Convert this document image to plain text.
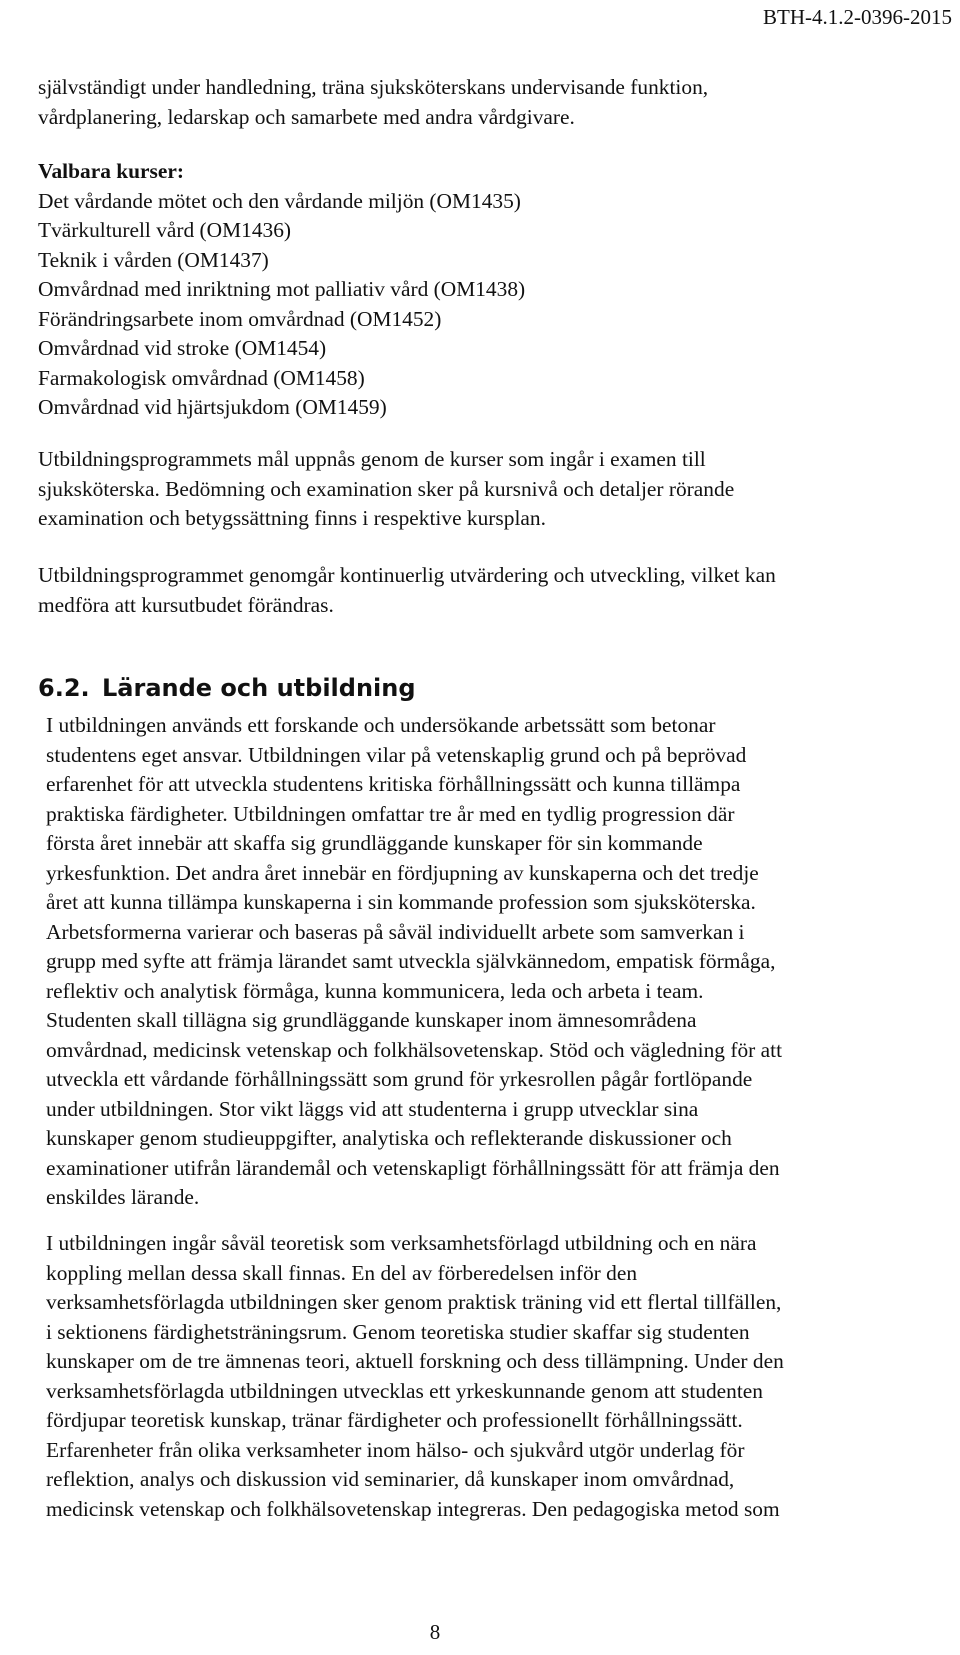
BTH-4.1.2-0396-2015
självständigt under handledning, träna sjuksköterskans undervisande funktion,
vårdplanering, ledarskap och samarbete med andra vårdgivare.
Valbara kurser:
Det vårdande mötet och den vårdande miljön (OM1435)
Tvärkulturell vård (OM1436)
Teknik i vården (OM1437)
Omvårdnad med inriktning mot palliativ vård (OM1438)
Förändringsarbete inom omvårdnad (OM1452)
Omvårdnad vid stroke (OM1454)
Farmakologisk omvårdnad (OM1458)
Omvårdnad vid hjärtsjukdom (OM1459)
Utbildningsprogrammets mål uppnås genom de kurser som ingår i examen till
sjuksköterska. Bedömning och examination sker på kursnivå och detaljer rörande
examination och betygssättning finns i respektive kursplan.
Utbildningsprogrammet genomgår kontinuerlig utvärdering och utveckling, vilket kan
medföra att kursutbudet förändras.
6.2. Lärande och utbildning
I utbildningen används ett forskande och undersökande arbetssätt som betonar
studentens eget ansvar. Utbildningen vilar på vetenskaplig grund och på beprövad
erfarenhet för att utveckla studentens kritiska förhållningssätt och kunna tillämpa
praktiska färdigheter. Utbildningen omfattar tre år med en tydlig progression där
första året innebär att skaffa sig grundläggande kunskaper för sin kommande
yrkesfunktion. Det andra året innebär en fördjupning av kunskaperna och det tredje
året att kunna tillämpa kunskaperna i sin kommande profession som sjuksköterska.
Arbetsformerna varierar och baseras på såväl individuellt arbete som samverkan i
grupp med syfte att främja lärandet samt utveckla självkännedom, empatisk förmåga,
reflektiv och analytisk förmåga, kunna kommunicera, leda och arbeta i team.
Studenten skall tillägna sig grundläggande kunskaper inom ämnesområdena
omvårdnad, medicinsk vetenskap och folkhälsovetenskap. Stöd och vägledning för att
utveckla ett vårdande förhållningssätt som grund för yrkesrollen pågår fortlöpande
under utbildningen. Stor vikt läggs vid att studenterna i grupp utvecklar sina
kunskaper genom studieuppgifter, analytiska och reflekterande diskussioner och
examinationer utifrån lärandemål och vetenskapligt förhållningssätt för att främja den
enskildes lärande.
I utbildningen ingår såväl teoretisk som verksamhetsförlagd utbildning och en nära
koppling mellan dessa skall finnas. En del av förberedelsen inför den
verksamhetsförlagda utbildningen sker genom praktisk träning vid ett flertal tillfällen,
i sektionens färdighetsträningsrum. Genom teoretiska studier skaffar sig studenten
kunskaper om de tre ämnenas teori, aktuell forskning och dess tillämpning. Under den
verksamhetsförlagda utbildningen utvecklas ett yrkeskunnande genom att studenten
fördjupar teoretisk kunskap, tränar färdigheter och professionellt förhållningssätt.
Erfarenheter från olika verksamheter inom hälso- och sjukvård utgör underlag för
reflektion, analys och diskussion vid seminarier, då kunskaper inom omvårdnad,
medicinsk vetenskap och folkhälsovetenskap integreras. Den pedagogiska metod som
8
